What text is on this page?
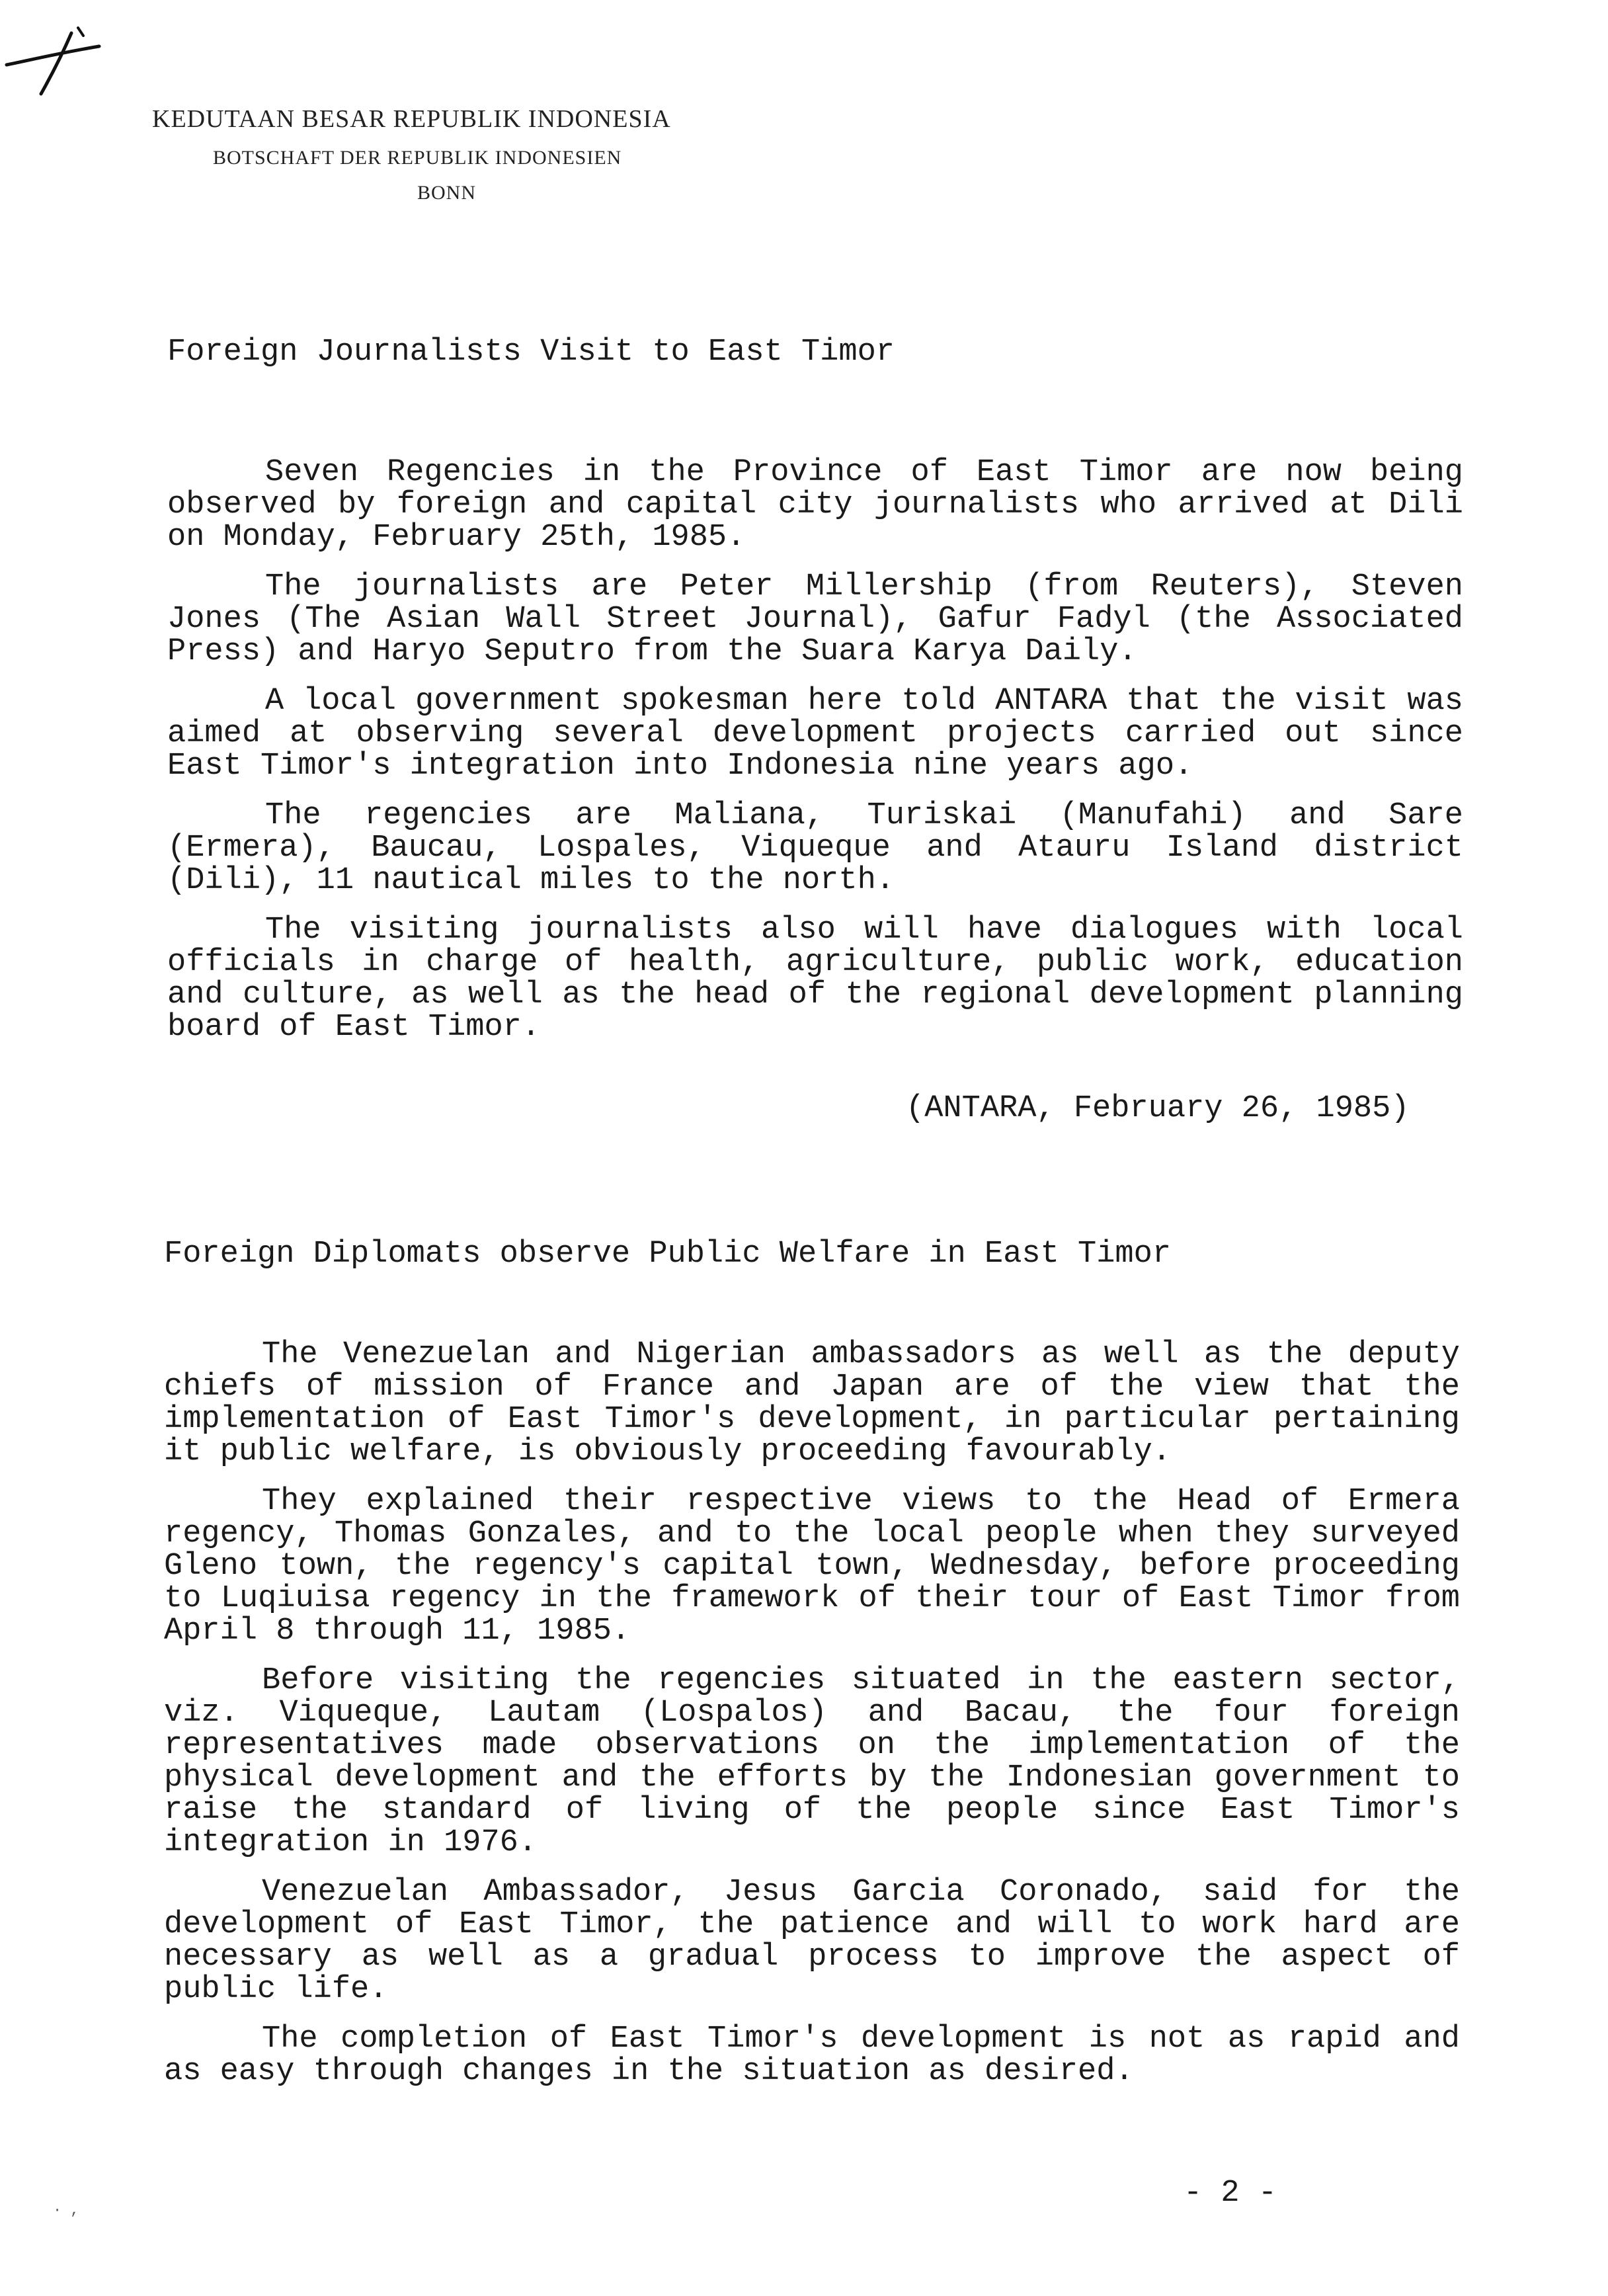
KEDUTAAN BESAR REPUBLIK INDONESIA
BOTSCHAFT DER REPUBLIK INDONESIEN
BONN
Foreign Journalists Visit to East Timor

Seven Regencies in the Province of East Timor are now being observed by foreign and capital city journalists who arrived at Dili on Monday, February 25th, 1985.

The journalists are Peter Millership (from Reuters), Steven Jones (The Asian Wall Street Journal), Gafur Fadyl (the Associated Press) and Haryo Seputro from the Suara Karya Daily.

A local government spokesman here told ANTARA that the visit was aimed at observing several development projects carried out since East Timor's integration into Indonesia nine years ago.

The regencies are Maliana, Turiskai (Manufahi) and Sare (Ermera), Baucau, Lospales, Viqueque and Atauru Island district (Dili), 11 nautical miles to the north.

The visiting journalists also will have dialogues with local officials in charge of health, agriculture, public work, education and culture, as well as the head of the regional development planning board of East Timor.

(ANTARA, February 26, 1985)
Foreign Diplomats observe Public Welfare in East Timor

The Venezuelan and Nigerian ambassadors as well as the deputy chiefs of mission of France and Japan are of the view that the implementation of East Timor's development, in particular pertaining it public welfare, is obviously proceeding favourably.

They explained their respective views to the Head of Ermera regency, Thomas Gonzales, and to the local people when they surveyed Gleno town, the regency's capital town, Wednesday, before proceeding to Luqiuisa regency in the framework of their tour of East Timor from April 8 through 11, 1985.

Before visiting the regencies situated in the eastern sector, viz. Viqueque, Lautam (Lospalos) and Bacau, the four foreign representatives made observations on the implementation of the physical development and the efforts by the Indonesian government to raise the standard of living of the people since East Timor's integration in 1976.

Venezuelan Ambassador, Jesus Garcia Coronado, said for the development of East Timor, the patience and will to work hard are necessary as well as a gradual process to improve the aspect of public life.

The completion of East Timor's development is not as rapid and as easy through changes in the situation as desired.

- 2 -
· ,
